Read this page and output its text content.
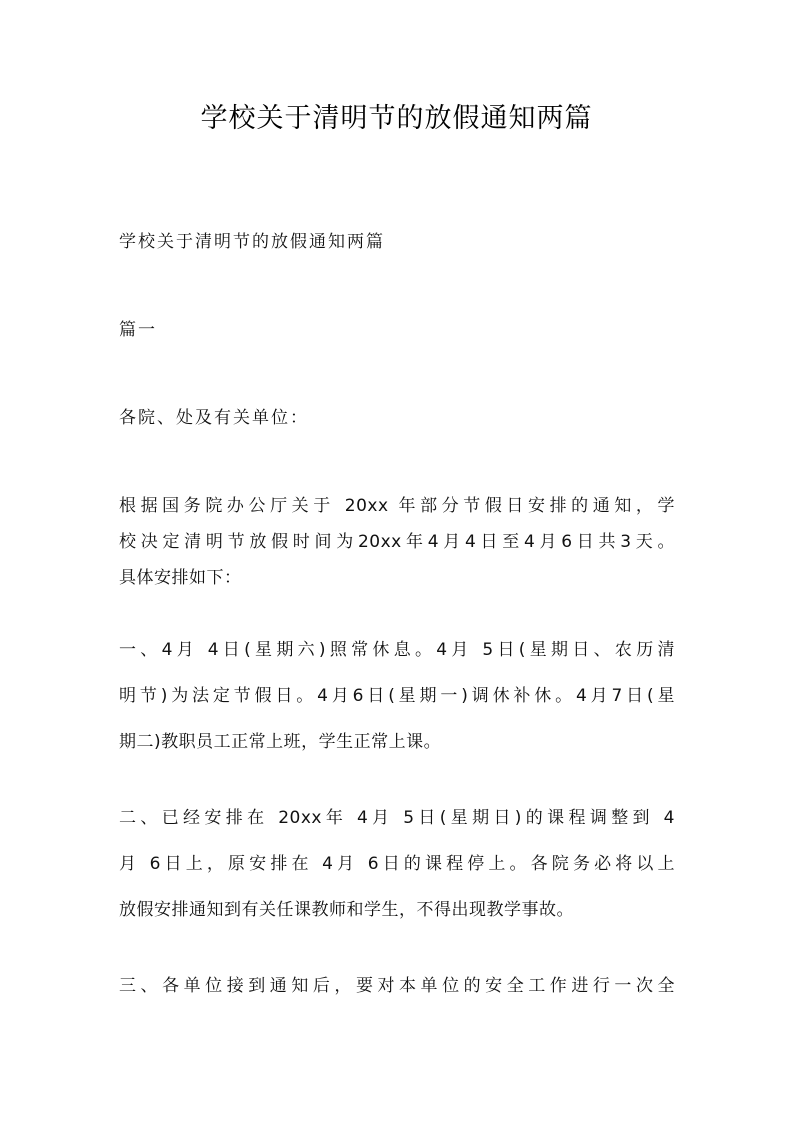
学校关于清明节的放假通知两篇
学校关于清明节的放假通知两篇
篇一
各院、处及有关单位：
根据国务院办公厅关于 20xx 年部分节假日安排的通知，学
校决定清明节放假时间为20xx年4月4日至4月6日共3天。
具体安排如下：
一、4月 4日(星期六)照常休息。4月 5日(星期日、农历清
明节)为法定节假日。4月6日(星期一)调休补休。4月7日(星
期二)教职员工正常上班，学生正常上课。
二、已经安排在 20xx年 4月 5日(星期日)的课程调整到 4
月 6日上，原安排在 4月 6日的课程停上。各院务必将以上
放假安排通知到有关任课教师和学生，不得出现教学事故。
三、各单位接到通知后，要对本单位的安全工作进行一次全
